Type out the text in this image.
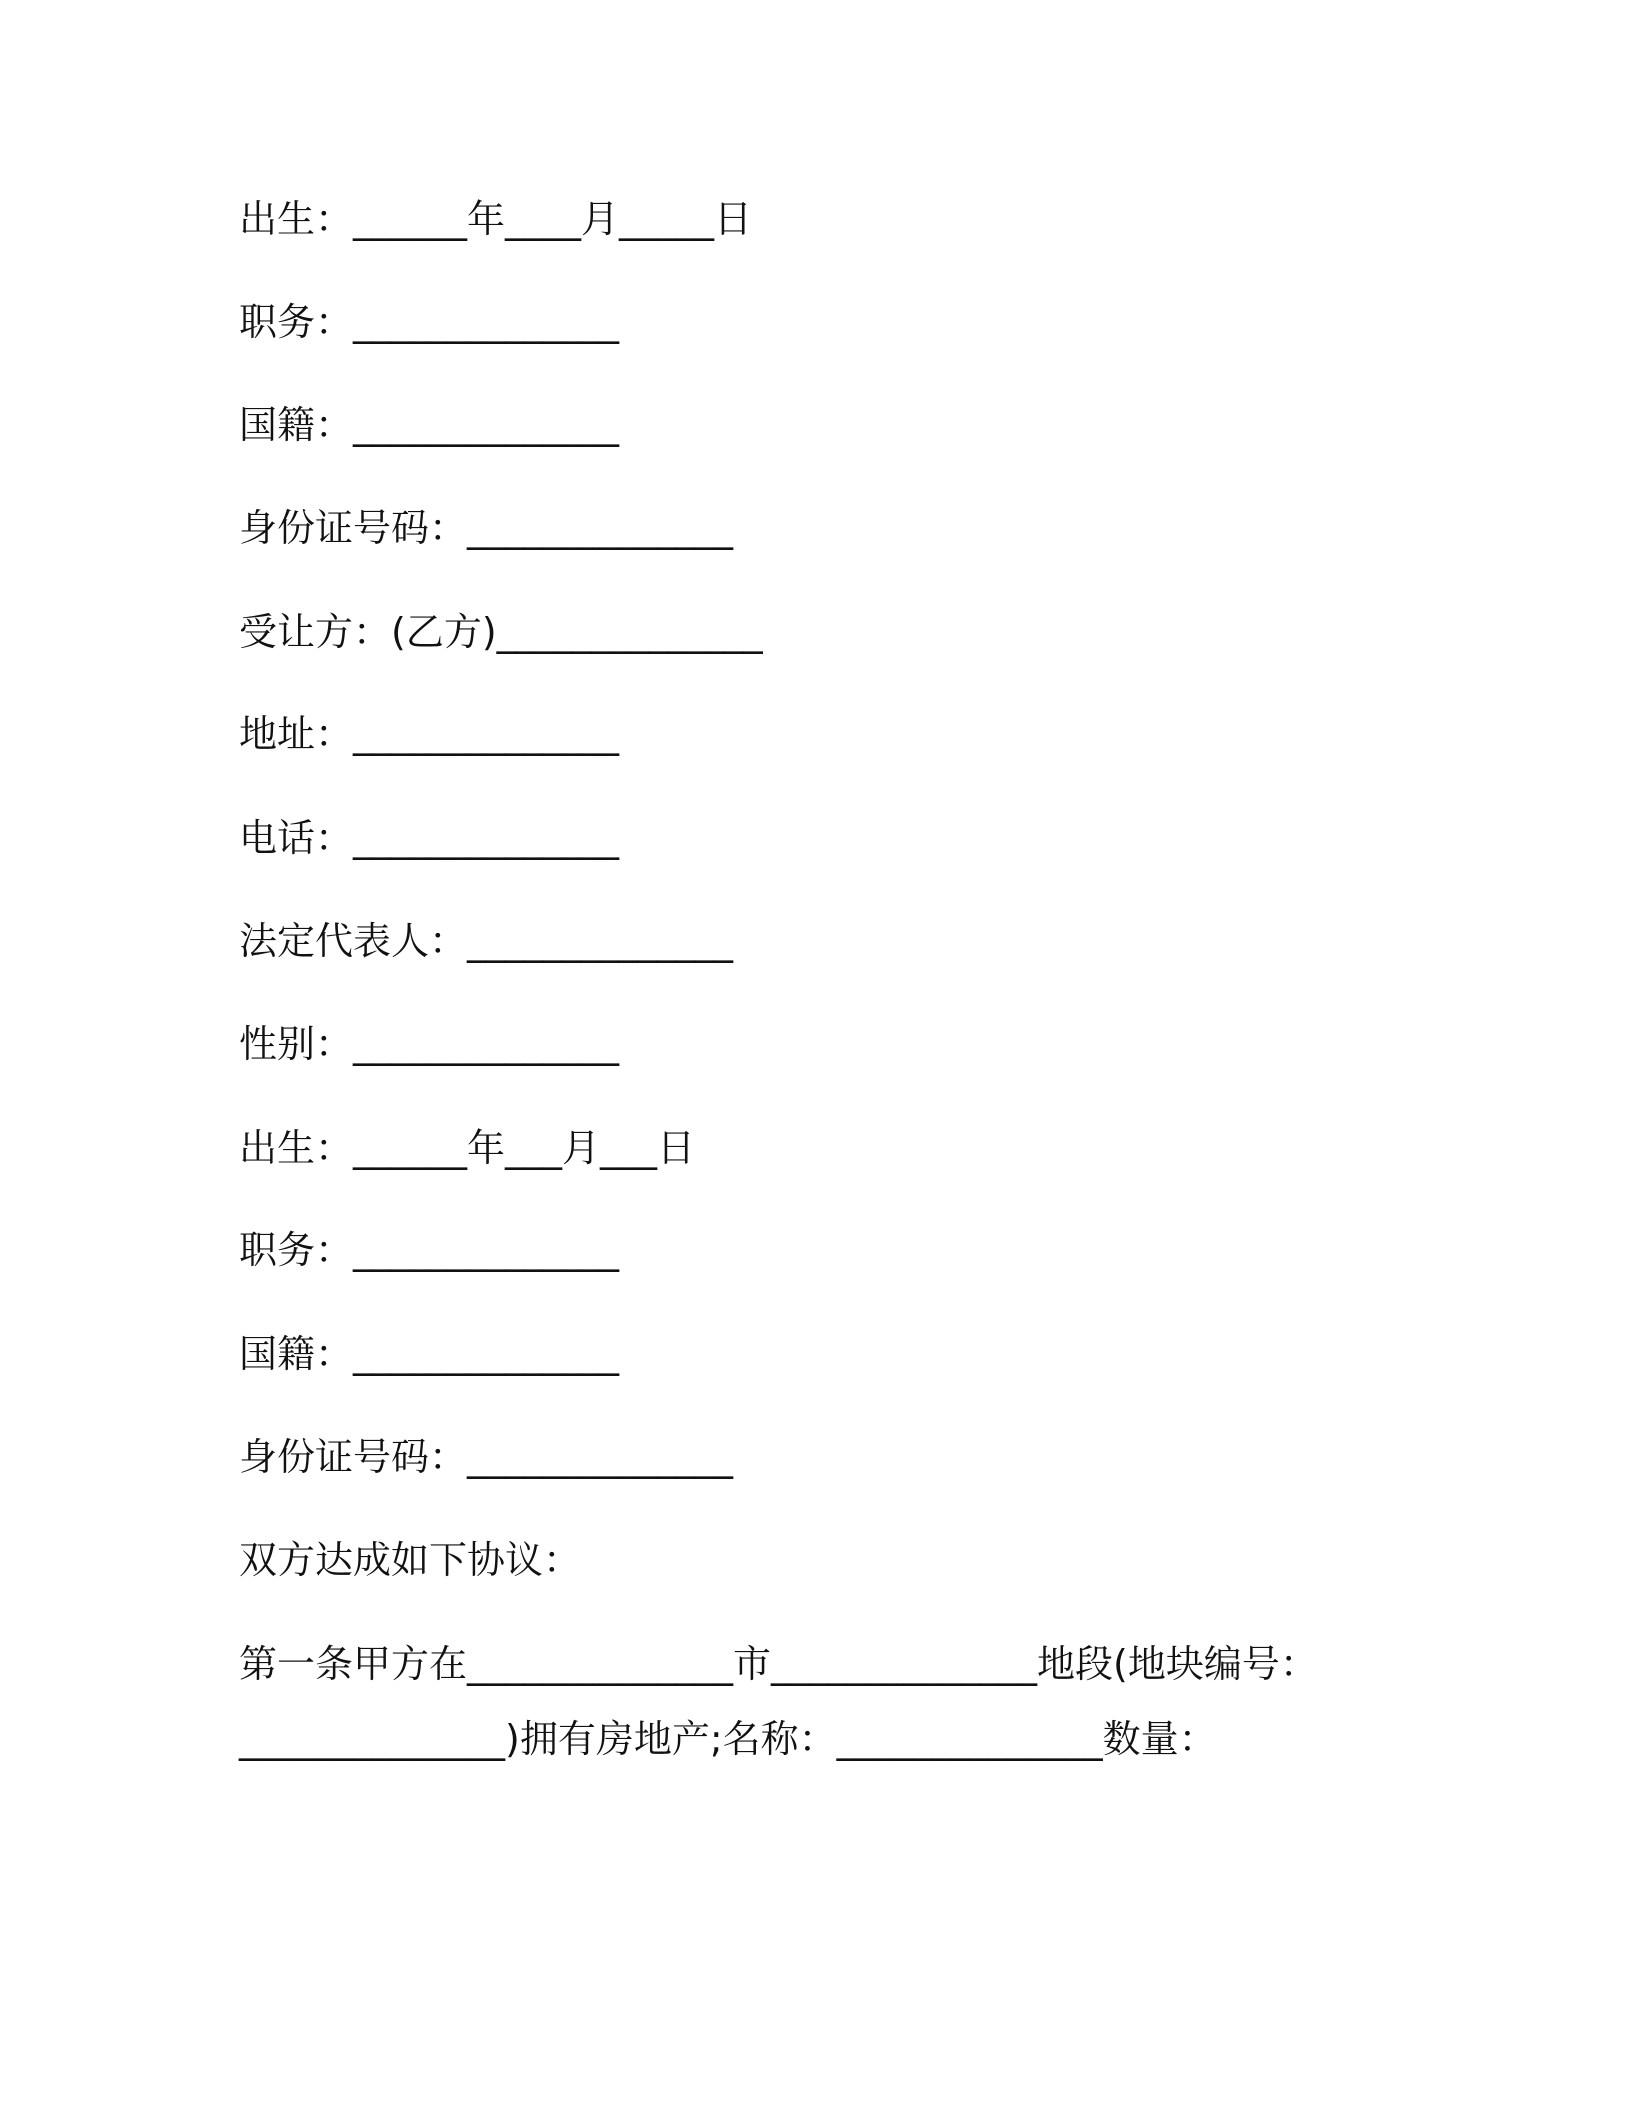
出生：______年____月_____日
职务：______________
国籍：______________
身份证号码：______________
受让方：(乙方)______________
地址：______________
电话：______________
法定代表人：______________
性别：______________
出生：______年___月___日
职务：______________
国籍：______________
身份证号码：______________
双方达成如下协议：
第一条甲方在______________市______________地段(地块编号：
______________)拥有房地产;名称：______________数量：
